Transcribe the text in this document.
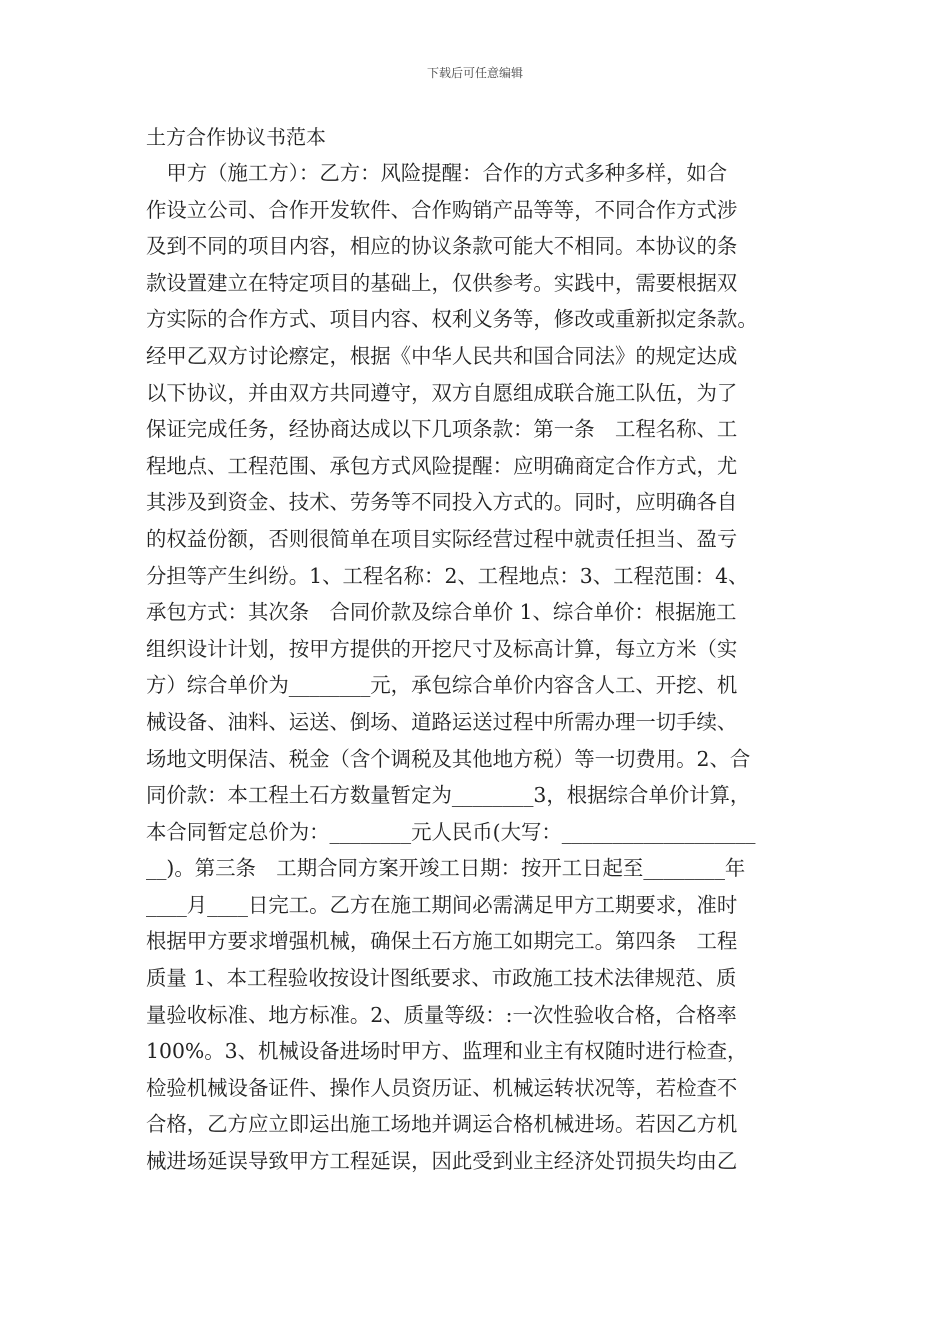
下载后可任意编辑
土方合作协议书范本
　甲方（施工方）：乙方：风险提醒：合作的方式多种多样，如合
作设立公司、合作开发软件、合作购销产品等等，不同合作方式涉
及到不同的项目内容，相应的协议条款可能大不相同。本协议的条
款设置建立在特定项目的基础上，仅供参考。实践中，需要根据双
方实际的合作方式、项目内容、权利义务等，修改或重新拟定条款。
经甲乙双方讨论瘵定，根据《中华人民共和国合同法》的规定达成
以下协议，并由双方共同遵守，双方自愿组成联合施工队伍，为了
保证完成任务，经协商达成以下几项条款：第一条　工程名称、工
程地点、工程范围、承包方式风险提醒：应明确商定合作方式，尤
其涉及到资金、技术、劳务等不同投入方式的。同时，应明确各自
的权益份额，否则很简单在项目实际经营过程中就责任担当、盈亏
分担等产生纠纷。1、工程名称：2、工程地点：3、工程范围：4、
承包方式：其次条　合同价款及综合单价 1、综合单价：根据施工
组织设计计划，按甲方提供的开挖尺寸及标高计算，每立方米（实
方）综合单价为________元，承包综合单价内容含人工、开挖、机
械设备、油料、运送、倒场、道路运送过程中所需办理一切手续、
场地文明保洁、税金（含个调税及其他地方税）等一切费用。2、合
同价款：本工程土石方数量暂定为________3，根据综合单价计算，
本合同暂定总价为：________元人民币(大写：___________________
__)。第三条　工期合同方案开竣工日期：按开工日起至________年
____月____日完工。乙方在施工期间必需满足甲方工期要求，准时
根据甲方要求增强机械，确保土石方施工如期完工。第四条　工程
质量 1、本工程验收按设计图纸要求、市政施工技术法律规范、质
量验收标准、地方标准。2、质量等级：:一次性验收合格，合格率
100%。3、机械设备进场时甲方、监理和业主有权随时进行检查，
检验机械设备证件、操作人员资历证、机械运转状况等，若检查不
合格，乙方应立即运出施工场地并调运合格机械进场。若因乙方机
械进场延误导致甲方工程延误，因此受到业主经济处罚损失均由乙
